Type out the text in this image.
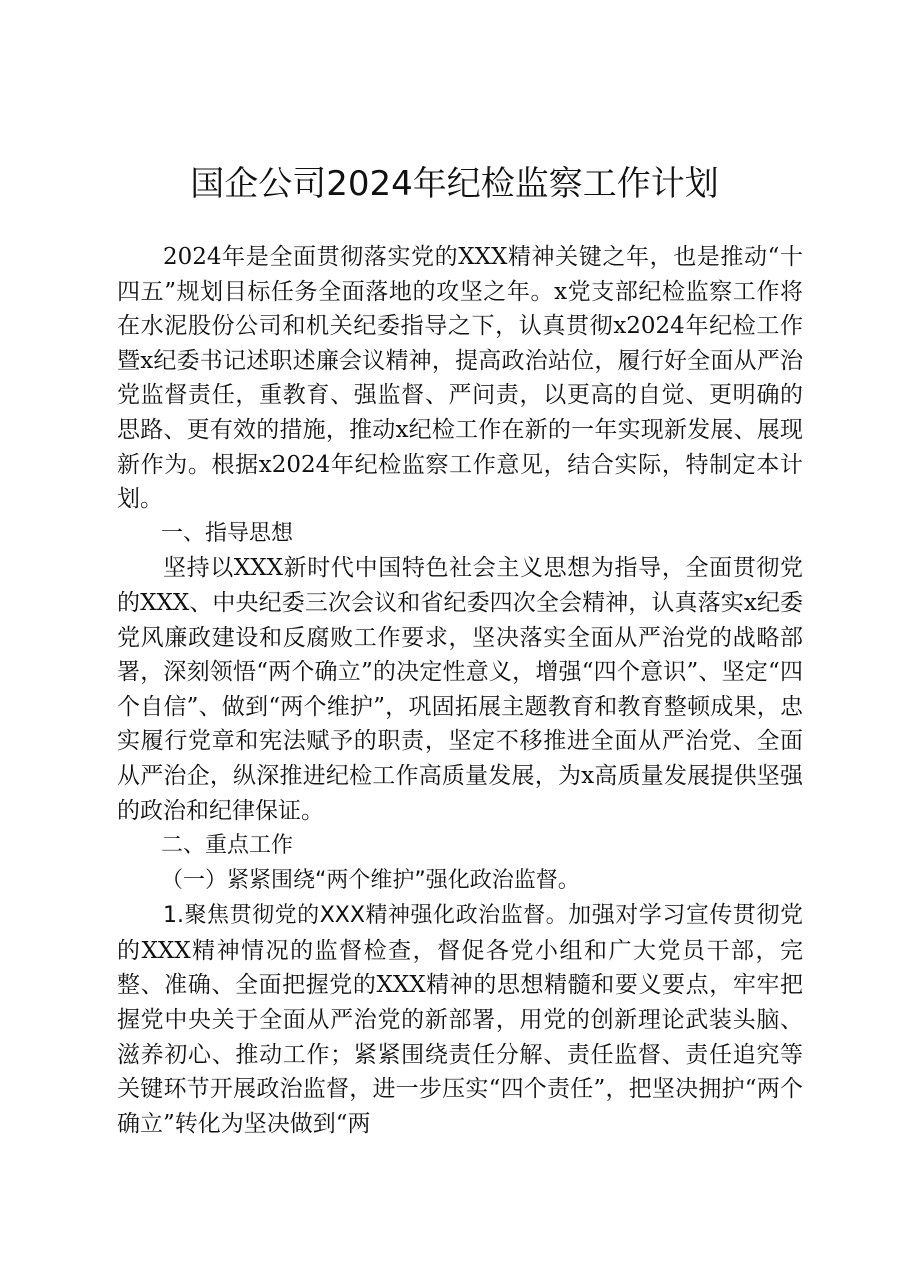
国企公司2024年纪检监察工作计划

2024年是全面贯彻落实党的XXX精神关键之年，也是推动“十四五”规划目标任务全面落地的攻坚之年。x党支部纪检监察工作将在水泥股份公司和机关纪委指导之下，认真贯彻x2024年纪检工作暨x纪委书记述职述廉会议精神，提高政治站位，履行好全面从严治党监督责任，重教育、强监督、严问责，以更高的自觉、更明确的思路、更有效的措施，推动x纪检工作在新的一年实现新发展、展现新作为。根据x2024年纪检监察工作意见，结合实际，特制定本计划。

一、指导思想

坚持以XXX新时代中国特色社会主义思想为指导，全面贯彻党的XXX、中央纪委三次会议和省纪委四次全会精神，认真落实x纪委党风廉政建设和反腐败工作要求，坚决落实全面从严治党的战略部署，深刻领悟“两个确立”的决定性意义，增强“四个意识”、坚定“四个自信”、做到“两个维护”，巩固拓展主题教育和教育整顿成果，忠实履行党章和宪法赋予的职责，坚定不移推进全面从严治党、全面从严治企，纵深推进纪检工作高质量发展，为x高质量发展提供坚强的政治和纪律保证。

二、重点工作

（一）紧紧围绕“两个维护”强化政治监督。

1.聚焦贯彻党的XXX精神强化政治监督。加强对学习宣传贯彻党的XXX精神情况的监督检查，督促各党小组和广大党员干部，完整、准确、全面把握党的XXX精神的思想精髓和要义要点，牢牢把握党中央关于全面从严治党的新部署，用党的创新理论武装头脑、滋养初心、推动工作；紧紧围绕责任分解、责任监督、责任追究等关键环节开展政治监督，进一步压实“四个责任”，把坚决拥护“两个确立”转化为坚决做到“两
